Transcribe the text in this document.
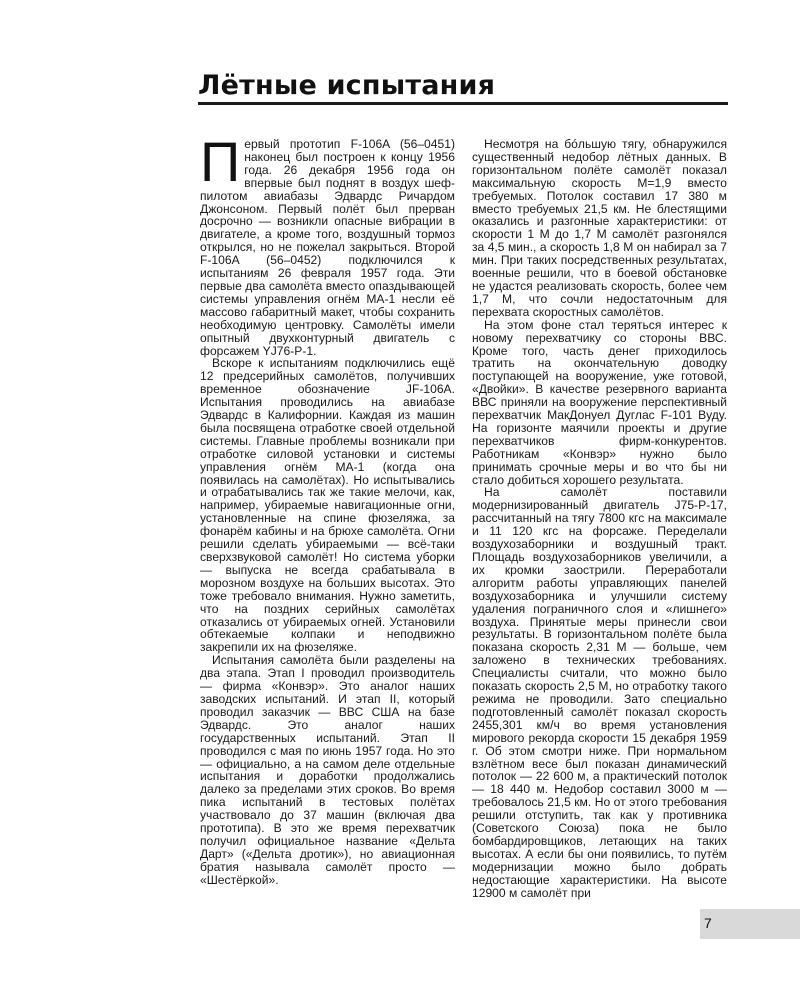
Лётные испытания

Первый прототип F-106A (56–0451) наконец был построен к концу 1956 года. 26 декабря 1956 года он впервые был поднят в воздух шеф-пилотом авиабазы Эдвардс Ричардом Джонсоном. Первый полёт был прерван досрочно — возникли опасные вибрации в двигателе, а кроме того, воздушный тормоз открылся, но не пожелал закрыться. Второй F-106A (56–0452) подключился к испытаниям 26 февраля 1957 года. Эти первые два самолёта вместо опаздывающей системы управления огнём MA-1 несли её массово габаритный макет, чтобы сохранить необходимую центровку. Самолёты имели опытный двухконтурный двигатель с форсажем YJ76-P-1.

Вскоре к испытаниям подключились ещё 12 предсерийных самолётов, получивших временное обозначение JF-106A. Испытания проводились на авиабазе Эдвардс в Калифорнии. Каждая из машин была посвящена отработке своей отдельной системы. Главные проблемы возникали при отработке силовой установки и системы управления огнём MA-1 (когда она появилась на самолётах). Но испытывались и отрабатывались так же такие мелочи, как, например, убираемые навигационные огни, установленные на спине фюзеляжа, за фонарём кабины и на брюхе самолёта. Огни решили сделать убираемыми — всё-таки сверхзвуковой самолёт! Но система уборки — выпуска не всегда срабатывала в морозном воздухе на больших высотах. Это тоже требовало внимания. Нужно заметить, что на поздних серийных самолётах отказались от убираемых огней. Установили обтекаемые колпаки и неподвижно закрепили их на фюзеляже.

Испытания самолёта были разделены на два этапа. Этап I проводил производитель — фирма «Конвэр». Это аналог наших заводских испытаний. И этап II, который проводил заказчик — ВВС США на базе Эдвардс. Это аналог наших государственных испытаний. Этап II проводился с мая по июнь 1957 года. Но это — официально, а на самом деле отдельные испытания и доработки продолжались далеко за пределами этих сроков. Во время пика испытаний в тестовых полётах участвовало до 37 машин (включая два прототипа). В это же время перехватчик получил официальное название «Дельта Дарт» («Дельта дротик»), но авиационная братия называла самолёт просто — «Шестёркой».

Несмотря на бóльшую тягу, обнаружился существенный недобор лётных данных. В горизонтальном полёте самолёт показал максимальную скорость M=1,9 вместо требуемых. Потолок составил 17 380 м вместо требуемых 21,5 км. Не блестящими оказались и разгонные характеристики: от скорости 1 М до 1,7 М самолёт разгонялся за 4,5 мин., а скорость 1,8 М он набирал за 7 мин. При таких посредственных результатах, военные решили, что в боевой обстановке не удастся реализовать скорость, более чем 1,7 М, что сочли недостаточным для перехвата скоростных самолётов.

На этом фоне стал теряться интерес к новому перехватчику со стороны ВВС. Кроме того, часть денег приходилось тратить на окончательную доводку поступающей на вооружение, уже готовой, «Двойки». В качестве резервного варианта ВВС приняли на вооружение перспективный перехватчик МакДонуел Дуглас F-101 Вуду. На горизонте маячили проекты и другие перехватчиков фирм-конкурентов. Работникам «Конвэр» нужно было принимать срочные меры и во что бы ни стало добиться хорошего результата.

На самолёт поставили модернизированный двигатель J75-P-17, рассчитанный на тягу 7800 кгс на максимале и 11 120 кгс на форсаже. Переделали воздухозаборники и воздушный тракт. Площадь воздухозаборников увеличили, а их кромки заострили. Переработали алгоритм работы управляющих панелей воздухозаборника и улучшили систему удаления пограничного слоя и «лишнего» воздуха. Принятые меры принесли свои результаты. В горизонтальном полёте была показана скорость 2,31 М — больше, чем заложено в технических требованиях. Специалисты считали, что можно было показать скорость 2,5 М, но отработку такого режима не проводили. Зато специально подготовленный самолёт показал скорость 2455,301 км/ч во время установления мирового рекорда скорости 15 декабря 1959 г. Об этом смотри ниже. При нормальном взлётном весе был показан динамический потолок — 22 600 м, а практический потолок — 18 440 м. Недобор составил 3000 м — требовалось 21,5 км. Но от этого требования решили отступить, так как у противника (Советского Союза) пока не было бомбардировщиков, летающих на таких высотах. А если бы они появились, то путём модернизации можно было добрать недостающие характеристики. На высоте 12900 м самолёт при

7
